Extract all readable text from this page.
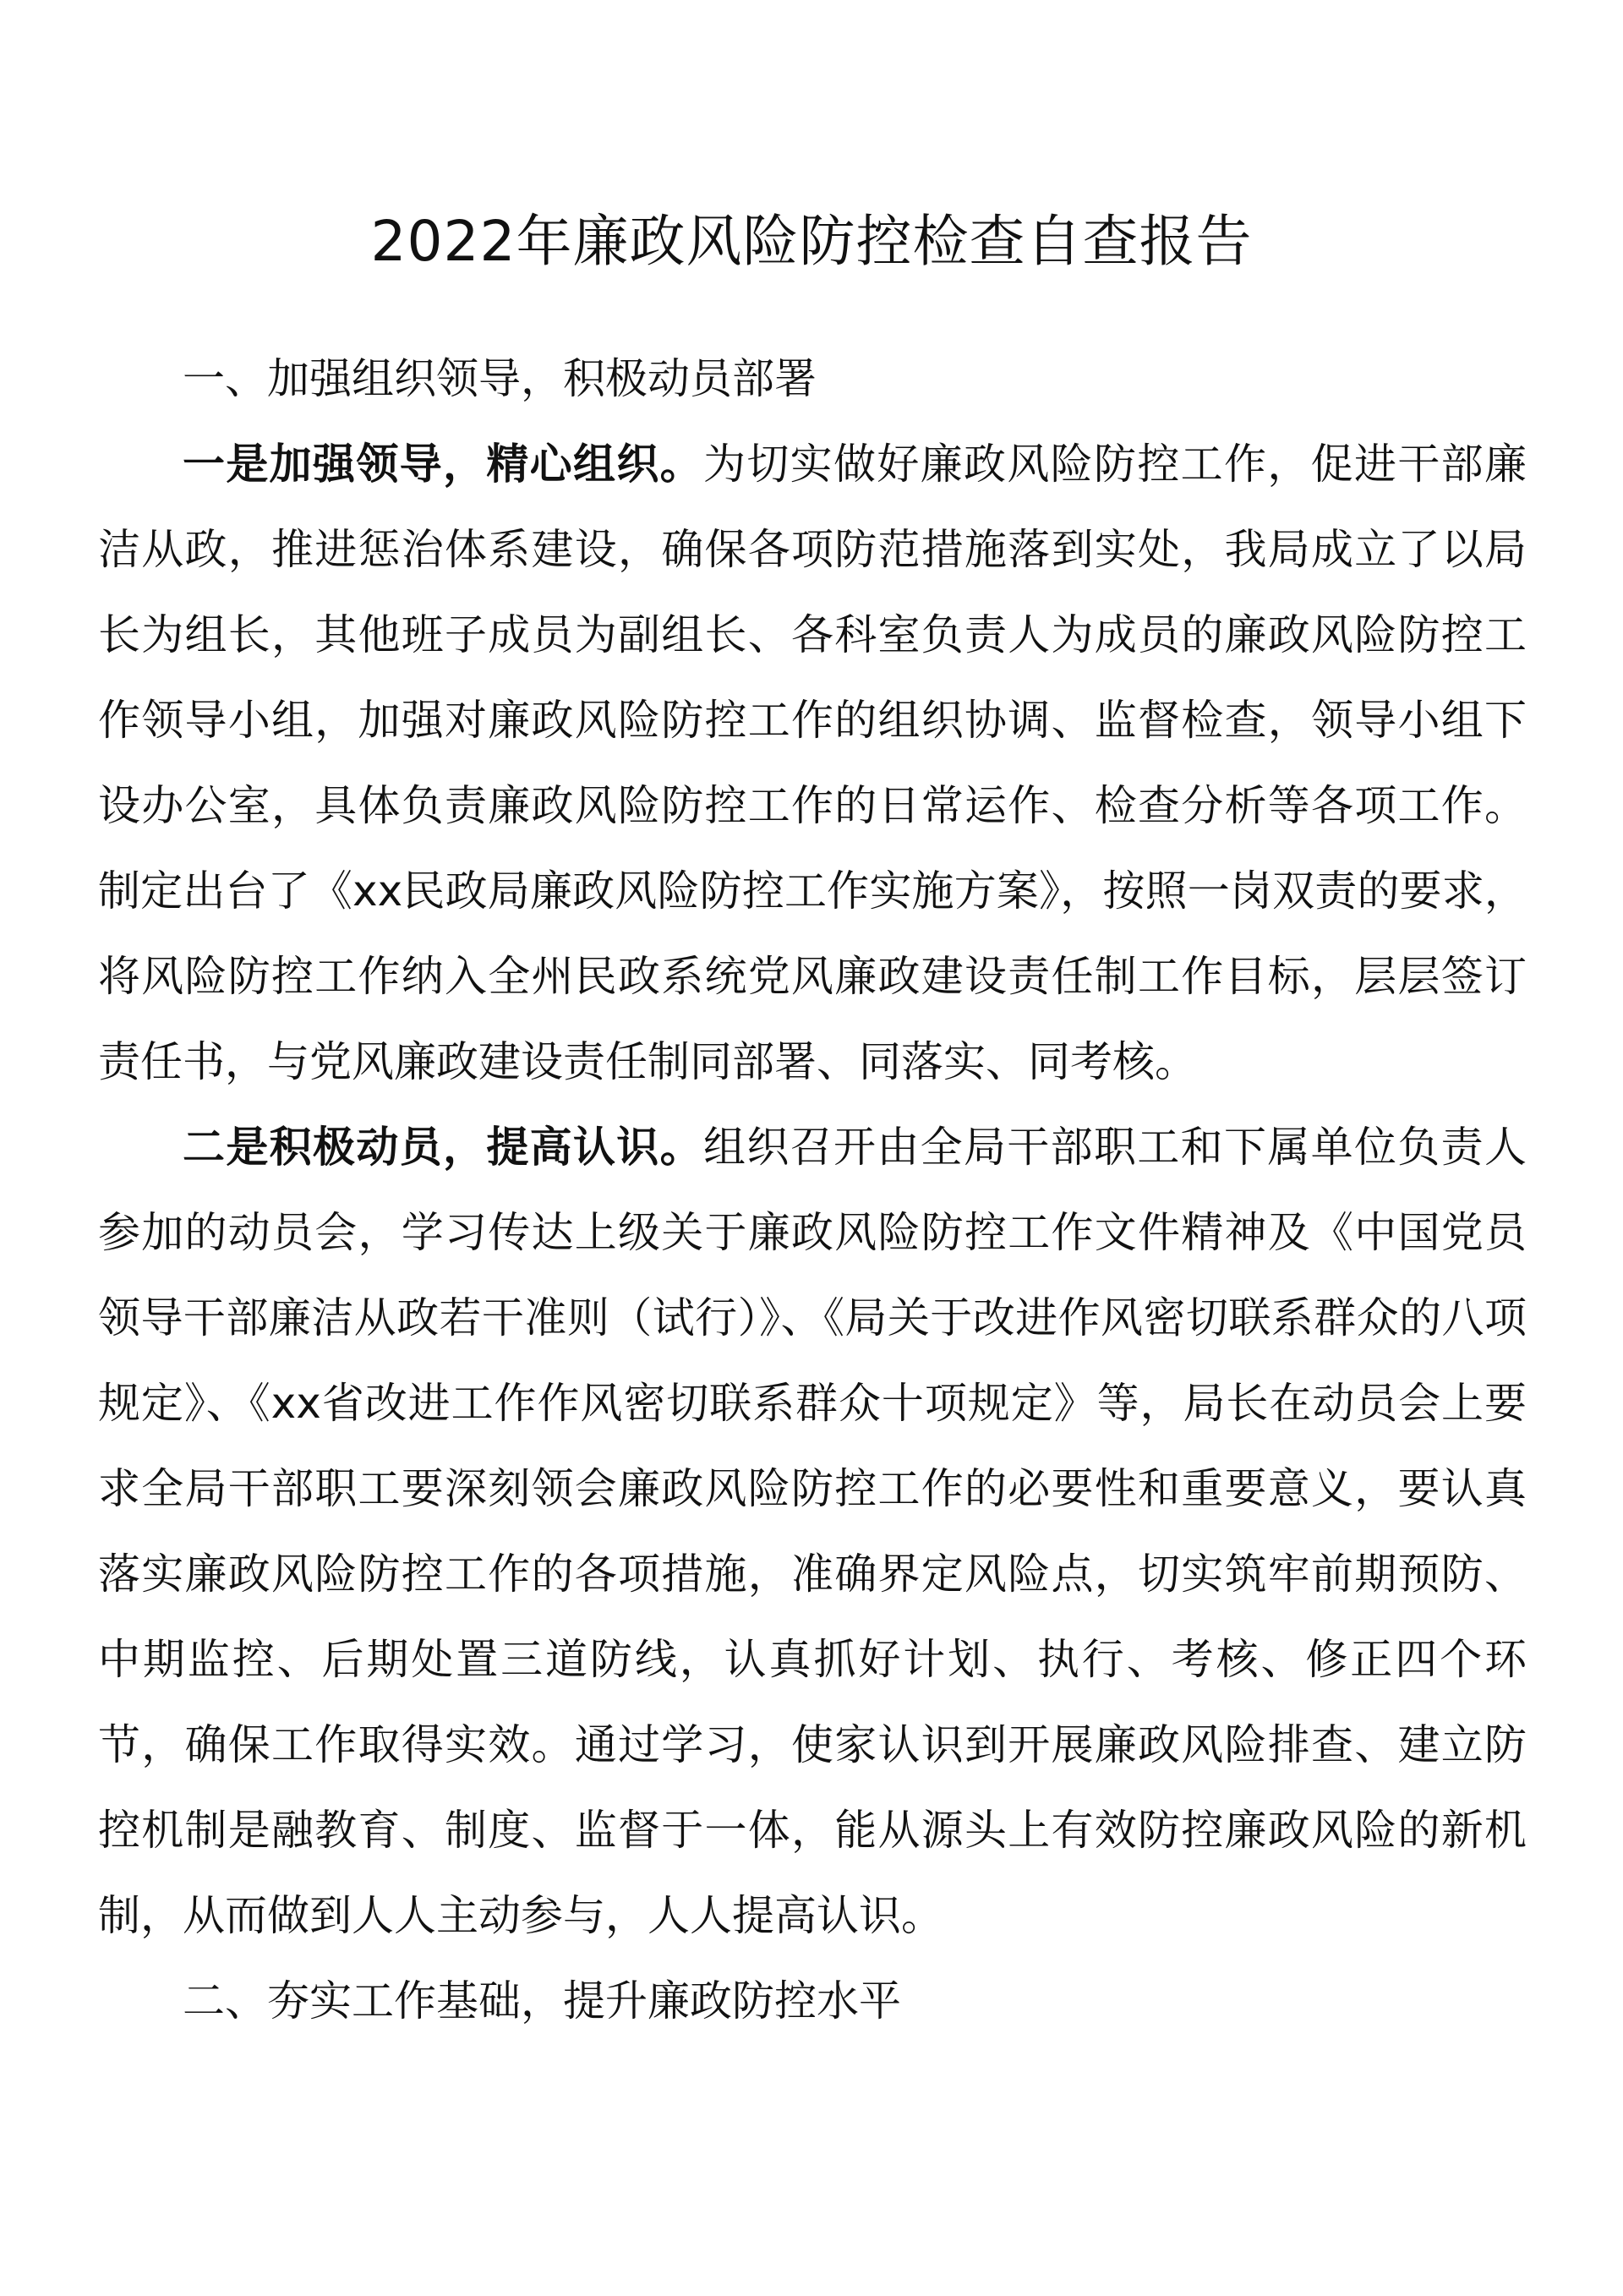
2022年廉政风险防控检查自查报告

一、加强组织领导，积极动员部署

一是加强领导，精心组织。为切实做好廉政风险防控工作，促进干部廉洁从政，推进惩治体系建设，确保各项防范措施落到实处，我局成立了以局长为组长，其他班子成员为副组长、各科室负责人为成员的廉政风险防控工作领导小组，加强对廉政风险防控工作的组织协调、监督检查，领导小组下设办公室，具体负责廉政风险防控工作的日常运作、检查分析等各项工作。制定出台了《xx民政局廉政风险防控工作实施方案》，按照一岗双责的要求，将风险防控工作纳入全州民政系统党风廉政建设责任制工作目标，层层签订责任书，与党风廉政建设责任制同部署、同落实、同考核。

二是积极动员，提高认识。组织召开由全局干部职工和下属单位负责人参加的动员会，学习传达上级关于廉政风险防控工作文件精神及《中国党员领导干部廉洁从政若干准则（试行）》、《局关于改进作风密切联系群众的八项规定》、《xx省改进工作作风密切联系群众十项规定》等，局长在动员会上要求全局干部职工要深刻领会廉政风险防控工作的必要性和重要意义，要认真落实廉政风险防控工作的各项措施，准确界定风险点，切实筑牢前期预防、中期监控、后期处置三道防线，认真抓好计划、执行、考核、修正四个环节，确保工作取得实效。通过学习，使家认识到开展廉政风险排查、建立防控机制是融教育、制度、监督于一体，能从源头上有效防控廉政风险的新机制，从而做到人人主动参与，人人提高认识。

二、夯实工作基础，提升廉政防控水平
